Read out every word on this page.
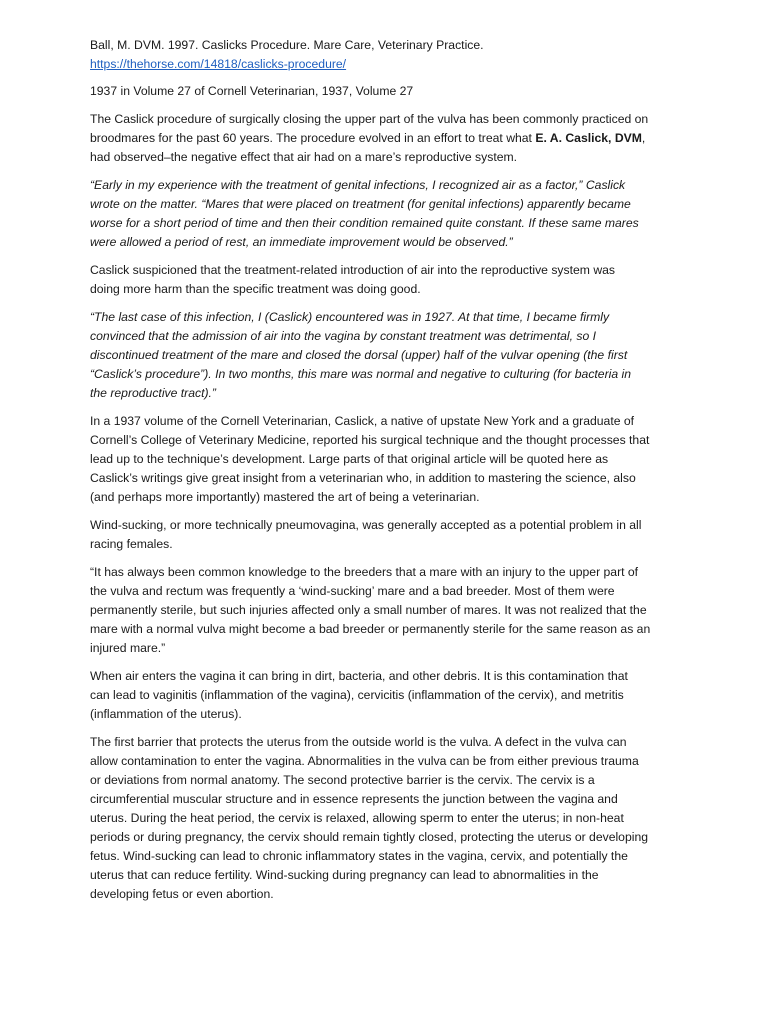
Ball, M. DVM. 1997. Caslicks Procedure. Mare Care, Veterinary Practice.
https://thehorse.com/14818/caslicks-procedure/

1937 in Volume 27 of Cornell Veterinarian, 1937, Volume 27

The Caslick procedure of surgically closing the upper part of the vulva has been commonly practiced on
broodmares for the past 60 years. The procedure evolved in an effort to treat what E. A. Caslick, DVM,
had observed–the negative effect that air had on a mare’s reproductive system.

“Early in my experience with the treatment of genital infections, I recognized air as a factor,” Caslick
wrote on the matter. “Mares that were placed on treatment (for genital infections) apparently became
worse for a short period of time and then their condition remained quite constant. If these same mares
were allowed a period of rest, an immediate improvement would be observed.”

Caslick suspicioned that the treatment-related introduction of air into the reproductive system was
doing more harm than the specific treatment was doing good.

“The last case of this infection, I (Caslick) encountered was in 1927. At that time, I became firmly
convinced that the admission of air into the vagina by constant treatment was detrimental, so I
discontinued treatment of the mare and closed the dorsal (upper) half of the vulvar opening (the first
“Caslick’s procedure”). In two months, this mare was normal and negative to culturing (for bacteria in
the reproductive tract).”

In a 1937 volume of the Cornell Veterinarian, Caslick, a native of upstate New York and a graduate of
Cornell’s College of Veterinary Medicine, reported his surgical technique and the thought processes that
lead up to the technique’s development. Large parts of that original article will be quoted here as
Caslick’s writings give great insight from a veterinarian who, in addition to mastering the science, also
(and perhaps more importantly) mastered the art of being a veterinarian.

Wind-sucking, or more technically pneumovagina, was generally accepted as a potential problem in all
racing females.

“It has always been common knowledge to the breeders that a mare with an injury to the upper part of
the vulva and rectum was frequently a ‘wind-sucking’ mare and a bad breeder. Most of them were
permanently sterile, but such injuries affected only a small number of mares. It was not realized that the
mare with a normal vulva might become a bad breeder or permanently sterile for the same reason as an
injured mare.”

When air enters the vagina it can bring in dirt, bacteria, and other debris. It is this contamination that
can lead to vaginitis (inflammation of the vagina), cervicitis (inflammation of the cervix), and metritis
(inflammation of the uterus).

The first barrier that protects the uterus from the outside world is the vulva. A defect in the vulva can
allow contamination to enter the vagina. Abnormalities in the vulva can be from either previous trauma
or deviations from normal anatomy. The second protective barrier is the cervix. The cervix is a
circumferential muscular structure and in essence represents the junction between the vagina and
uterus. During the heat period, the cervix is relaxed, allowing sperm to enter the uterus; in non-heat
periods or during pregnancy, the cervix should remain tightly closed, protecting the uterus or developing
fetus. Wind-sucking can lead to chronic inflammatory states in the vagina, cervix, and potentially the
uterus that can reduce fertility. Wind-sucking during pregnancy can lead to abnormalities in the
developing fetus or even abortion.
